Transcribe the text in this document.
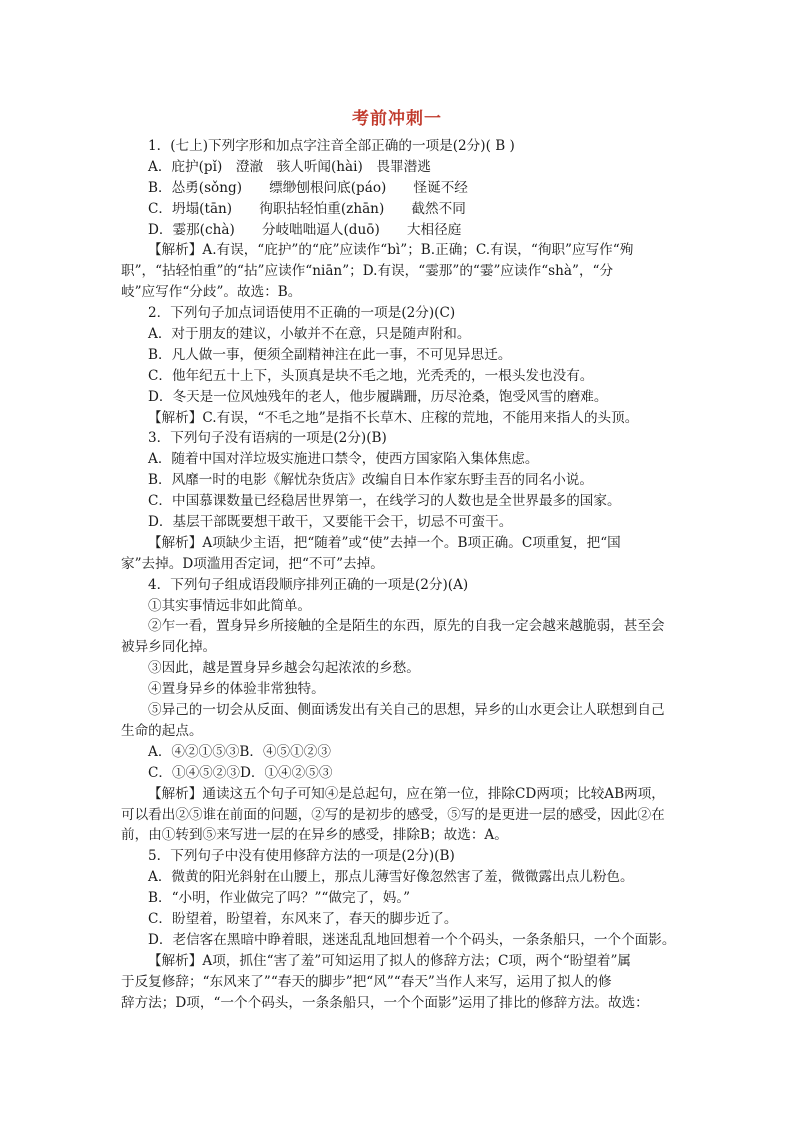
考前冲刺一
1．(七上)下列字形和加点字注音全部正确的一项是(2分)( B )
A．庇护(pǐ)　澄澈　骇人听闻(hài)　畏罪潜逃
B．怂勇(sǒng)　　缥缈刨根问底(páo)　　怪诞不经
C．坍塌(tān)　　徇职拈轻怕重(zhān)　　截然不同
D．霎那(chà)　　分岐咄咄逼人(duō)　　大相径庭
【解析】A.有误，“庇护”的“庇”应读作“bì”；B.正确；C.有误，“徇职”应写作“殉
职”，“拈轻怕重”的“拈”应读作“niān”；D.有误，“霎那”的“霎”应读作“shà”，“分
岐”应写作“分歧”。故选：B。
2．下列句子加点词语使用不正确的一项是(2分)(C)
A．对于朋友的建议，小敏并不在意，只是随声附和。
B．凡人做一事，便须全副精神注在此一事，不可见异思迁。
C．他年纪五十上下，头顶真是块不毛之地，光秃秃的，一根头发也没有。
D．冬天是一位风烛残年的老人，他步履蹒跚，历尽沧桑，饱受风雪的磨难。
【解析】C.有误，“不毛之地”是指不长草木、庄稼的荒地，不能用来指人的头顶。
3．下列句子没有语病的一项是(2分)(B)
A．随着中国对洋垃圾实施进口禁令，使西方国家陷入集体焦虑。
B．风靡一时的电影《解忧杂货店》改编自日本作家东野圭吾的同名小说。
C．中国慕课数量已经稳居世界第一，在线学习的人数也是全世界最多的国家。
D．基层干部既要想干敢干，又要能干会干，切忌不可蛮干。
【解析】A项缺少主语，把“随着”或“使”去掉一个。B项正确。C项重复，把“国
家”去掉。D项滥用否定词，把“不可”去掉。
4．下列句子组成语段顺序排列正确的一项是(2分)(A)
①其实事情远非如此简单。
②乍一看，置身异乡所接触的全是陌生的东西，原先的自我一定会越来越脆弱，甚至会
被异乡同化掉。
③因此，越是置身异乡越会勾起浓浓的乡愁。
④置身异乡的体验非常独特。
⑤异己的一切会从反面、侧面诱发出有关自己的思想，异乡的山水更会让人联想到自己
生命的起点。
A．④②①⑤③B．④⑤①②③
C．①④⑤②③D．①④②⑤③
【解析】通读这五个句子可知④是总起句，应在第一位，排除CD两项；比较AB两项，
可以看出②⑤谁在前面的问题，②写的是初步的感受，⑤写的是更进一层的感受，因此②在
前，由①转到⑤来写进一层的在异乡的感受，排除B；故选：A。
5．下列句子中没有使用修辞方法的一项是(2分)(B)
A．微黄的阳光斜射在山腰上，那点儿薄雪好像忽然害了羞，微微露出点儿粉色。
B．“小明，作业做完了吗？”“做完了，妈。”
C．盼望着，盼望着，东风来了，春天的脚步近了。
D．老信客在黑暗中睁着眼，迷迷乱乱地回想着一个个码头，一条条船只，一个个面影。
【解析】A项，抓住“害了羞”可知运用了拟人的修辞方法；C项，两个“盼望着”属
于反复修辞；“东风来了”“春天的脚步”把“风”“春天”当作人来写，运用了拟人的修
辞方法；D项，“一个个码头，一条条船只，一个个面影”运用了排比的修辞方法。故选：
